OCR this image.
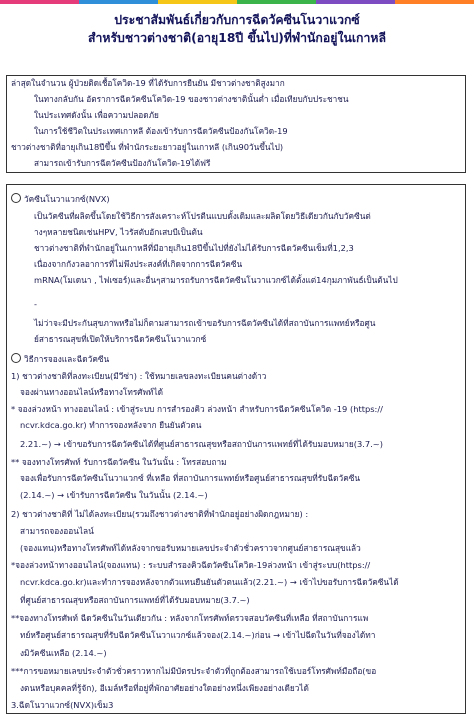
ประชาสัมพันธ์เกี่ยวกับการฉีดวัคซีนโนวาแวกซ์
สำหรับชาวต่างชาติ(อายุ18ปี ขึ้นไป)ที่พำนักอยู่ในเกาหลี
ล่าสุดในจำนวน ผู้ป่วยติดเชื้อโควิด-19 ที่ได้รับการยืนยัน มีชาวต่างชาติสูงมาก
ในทางกลับกัน อัตราการฉีดวัคซีนโควิด-19 ของชาวต่างชาตินั้นต่ำ เมื่อเทียบกับประชาชน
ในประเทศดังนั้น เพื่อความปลอดภัย
ในการใช้ชีวิตในประเทศเกาหลี ต้องเข้ารับการฉีดวัคซีนป้องกันโควิด-19
ชาวต่างชาติที่อายุเกิน18ปีขึ้น ที่พำนักระยะยาวอยู่ในเกาหลี (เกิน90วันขึ้นไป)
สามารถเข้ารับการฉีดวัคซีนป้องกันโควิด-19ได้ฟรี
วัคซีนโนวาแวกซ์(NVX)
เป็นวัคซีนที่ผลิตขึ้นโดยใช้วิธีการสังเคราะห์โปรตีนแบบดั้งเดิมและผลิตโดยวิธีเดียวกันกับวัคซีนต่
างๆหลายชนิดเช่นHPV, ไวรัสตับอักเสบบีเป็นต้น
ชาวต่างชาติที่พำนักอยู่ในเกาหลีที่มีอายุเกิน18ปีขึ้นไปที่ยังไม่ได้รับการฉีดวัคซีนเข็มที่1,2,3
เนื่องจากกังวลอาการที่ไม่พึงประสงค์ที่เกิดจากการฉีดวัคซีน
mRNA(โมเดนา , ไฟเซอร์)และอื่นๆสามารถรับการฉีดวัคซีนโนวาแวกซ์ได้ตั้งแต่14กุมภาพันธ์เป็นต้นไป
-
ไม่ว่าจะมีประกันสุขภาพหรือไม่ก็ตามสามารถเข้าขอรับการฉีดวัคซีนได้ที่สถาบันการแพทย์หรือศูน
ย์สาธารณสุขที่เปิดให้บริการฉีดวัคซีนโนวาแวกซ์
วิธีการจองและฉีดวัคซีน
1) ชาวต่างชาติที่ลงทะเบียน(มีวีซ่า) : ใช้หมายเลขลงทะเบียนคนต่างด้าว
จองผ่านทางออนไลน์หรือทางโทรศัพท์ได้
* จองล่วงหน้า ทางออนไลน์ : เข้าสู่ระบบ การสำรองคิว ล่วงหน้า สำหรับการฉีดวัคซีนโควิด -19 (https://
ncvr.kdca.go.kr) ทำการจองหลังจาก ยืนยันตัวตน
2.21.~) → เข้าขอรับการฉีดวัคซีนได้ที่ศูนย์สาธารณสุขหรือสถาบันการแพทย์ที่ได้รับมอบหมาย(3.7.~)
** จองทางโทรศัพท์ รับการฉีดวัคซีน ในวันนั้น : โทรสอบถาม
จองเพื่อรับการฉีดวัคซีนโนวาแวกซ์ ที่เหลือ ที่สถาบันการแพทย์หรือศูนย์สาธารณสุขที่รับฉีดวัคซีน
(2.14.~) → เข้ารับการฉีดวัคซีน ในวันนั้น (2.14.~)
2) ชาวต่างชาติที่ ไม่ได้ลงทะเบียน(รวมถึงชาวต่างชาติที่พำนักอยู่อย่างผิดกฎหมาย) :
สามารถจองออนไลน์
(จองแทน)หรือทางโทรศัพท์ได้หลังจากขอรับหมายเลขประจำตัวชั่วคราวจากศูนย์สาธารณสุขแล้ว
*จองล่วงหน้าทางออนไลน์(จองแทน) : ระบบสำรองคิวฉีดวัคซีนโควิด-19ล่วงหน้า เข้าสู่ระบบ(https://
ncvr.kdca.go.kr)และทำการจองหลังจากตัวแทนยืนยันตัวตนแล้ว(2.21.~) → เข้าไปขอรับการฉีดวัคซีนได้
ที่ศูนย์สาธารณสุขหรือสถาบันการแพทย์ที่ได้รับมอบหมาย(3.7.~)
**จองทางโทรศัพท์ ฉีดวัคซีนในวันเดียวกัน : หลังจากโทรศัพท์ตรวจสอบวัคซีนที่เหลือ ที่สถาบันการแพ
ทย์หรือศูนย์สาธารณสุขที่รับฉีดวัคซีนโนวาแวกซ์แล้วจอง(2.14.~)ก่อน → เข้าไปฉีดในวันที่จองได้ทา
งมิวัคซีนเหลือ (2.14.~)
***การขอหมายเลขประจำตัวชั่วคราวหากไม่มีบัตรประจำตัวที่ถูกต้องสามารถใช้เบอร์โทรศัพท์มือถือ(ขอ
งตนหรือบุคคลที่รู้จัก), อีเมล์หรือที่อยู่ที่พักอาศัยอย่างใดอย่างหนึ่งเพียงอย่างเดียวได้
3.ฉีดโนวาแวกซ์(NVX)เข็ม3
